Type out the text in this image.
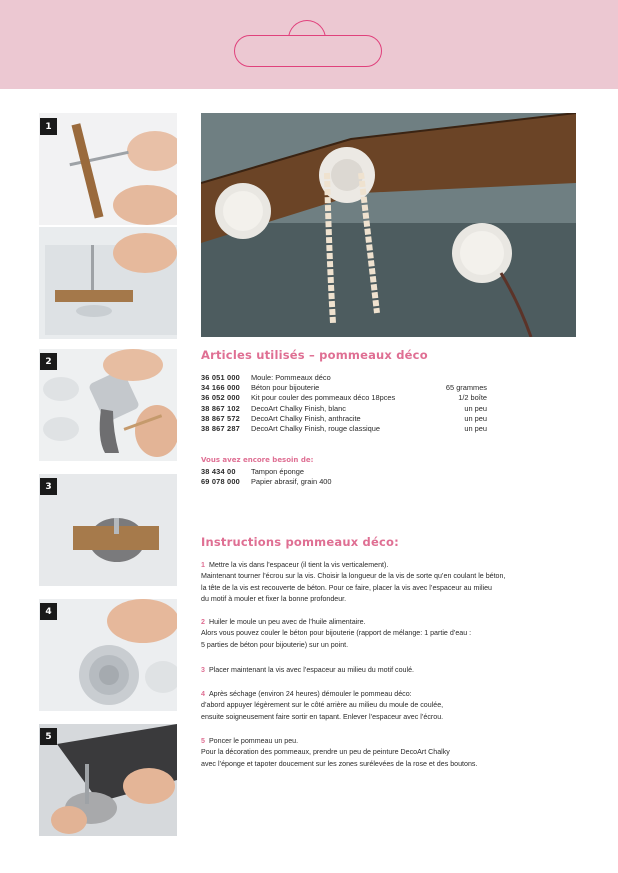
1
2
3
4
5
Articles utilisés – pommeaux déco
36 051 000 Moule: Pommeaux déco
34 166 000 Béton pour bijouterie	65 grammes
36 052 000 Kit pour couler des pommeaux déco 18pces	1/2 boîte
38 867 102 DecoArt Chalky Finish, blanc	un peu
38 867 572 DecoArt Chalky Finish, anthracite	un peu
38 867 287 DecoArt Chalky Finish, rouge classique	un peu
Vous avez encore besoin de:
38 434 00 Tampon éponge
69 078 000 Papier abrasif, grain 400
Instructions pommeaux déco:
1 Mettre la vis dans l’espaceur (il tient la vis verticalement).
Maintenant tourner l’écrou sur la vis. Choisir la longueur de la vis de sorte qu’en coulant le béton,
la tête de la vis est recouverte de béton. Pour ce faire, placer la vis avec l’espaceur au milieu
du motif à mouler et fixer la bonne profondeur.
2 Huiler le moule un peu avec de l’huile alimentaire.
Alors vous pouvez couler le béton pour bijouterie (rapport de mélange: 1 partie d’eau :
5 parties de béton pour bijouterie) sur un point.
3 Placer maintenant la vis avec l’espaceur au milieu du motif coulé.
4 Après séchage (environ 24 heures) démouler le pommeau déco:
d’abord appuyer légèrement sur le côté arrière au milieu du moule de coulée,
ensuite soigneusement faire sortir en tapant. Enlever l’espaceur avec l’écrou.
5 Poncer le pommeau un peu.
Pour la décoration des pommeaux, prendre un peu de peinture DecoArt Chalky
avec l’éponge et tapoter doucement sur les zones surélevées de la rose et des boutons.
